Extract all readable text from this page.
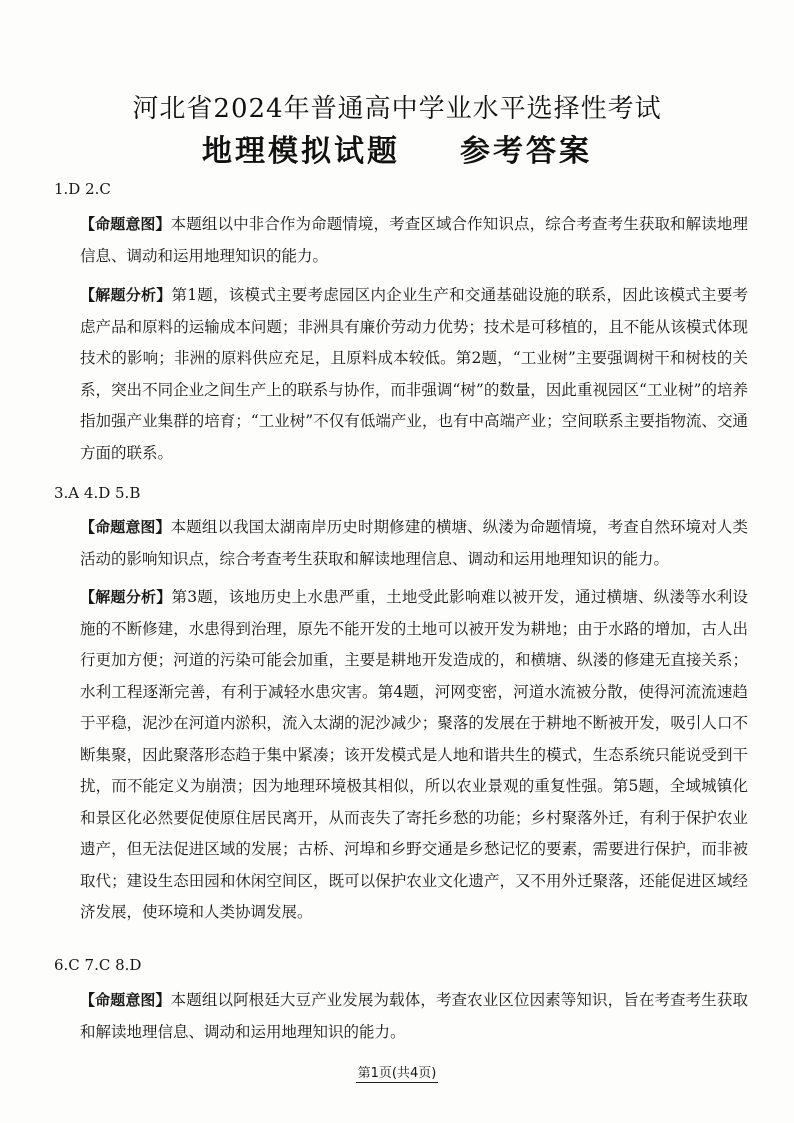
河北省2024年普通高中学业水平选择性考试
地理模拟试题 参考答案
1.D 2.C

【命题意图】本题组以中非合作为命题情境，考查区域合作知识点，综合考查考生获取和解读地理信息、调动和运用地理知识的能力。

【解题分析】第1题，该模式主要考虑园区内企业生产和交通基础设施的联系，因此该模式主要考虑产品和原料的运输成本问题；非洲具有廉价劳动力优势；技术是可移植的，且不能从该模式体现技术的影响；非洲的原料供应充足，且原料成本较低。第2题，“工业树”主要强调树干和树枝的关系，突出不同企业之间生产上的联系与协作，而非强调“树”的数量，因此重视园区“工业树”的培养指加强产业集群的培育；“工业树”不仅有低端产业，也有中高端产业；空间联系主要指物流、交通方面的联系。

3.A 4.D 5.B

【命题意图】本题组以我国太湖南岸历史时期修建的横塘、纵溇为命题情境，考查自然环境对人类活动的影响知识点，综合考查考生获取和解读地理信息、调动和运用地理知识的能力。

【解题分析】第3题，该地历史上水患严重，土地受此影响难以被开发，通过横塘、纵溇等水利设施的不断修建，水患得到治理，原先不能开发的土地可以被开发为耕地；由于水路的增加，古人出行更加方便；河道的污染可能会加重，主要是耕地开发造成的，和横塘、纵溇的修建无直接关系；水利工程逐渐完善，有利于减轻水患灾害。第4题，河网变密，河道水流被分散，使得河流流速趋于平稳，泥沙在河道内淤积，流入太湖的泥沙减少；聚落的发展在于耕地不断被开发，吸引人口不断集聚，因此聚落形态趋于集中紧凑；该开发模式是人地和谐共生的模式，生态系统只能说受到干扰，而不能定义为崩溃；因为地理环境极其相似，所以农业景观的重复性强。第5题，全域城镇化和景区化必然要促使原住居民离开，从而丧失了寄托乡愁的功能；乡村聚落外迁，有利于保护农业遗产，但无法促进区域的发展；古桥、河埠和乡野交通是乡愁记忆的要素，需要进行保护，而非被取代；建设生态田园和休闲空间区，既可以保护农业文化遗产，又不用外迁聚落，还能促进区域经济发展，使环境和人类协调发展。

6.C 7.C 8.D

【命题意图】本题组以阿根廷大豆产业发展为载体，考查农业区位因素等知识，旨在考查考生获取和解读地理信息、调动和运用地理知识的能力。

第1页(共4页)
